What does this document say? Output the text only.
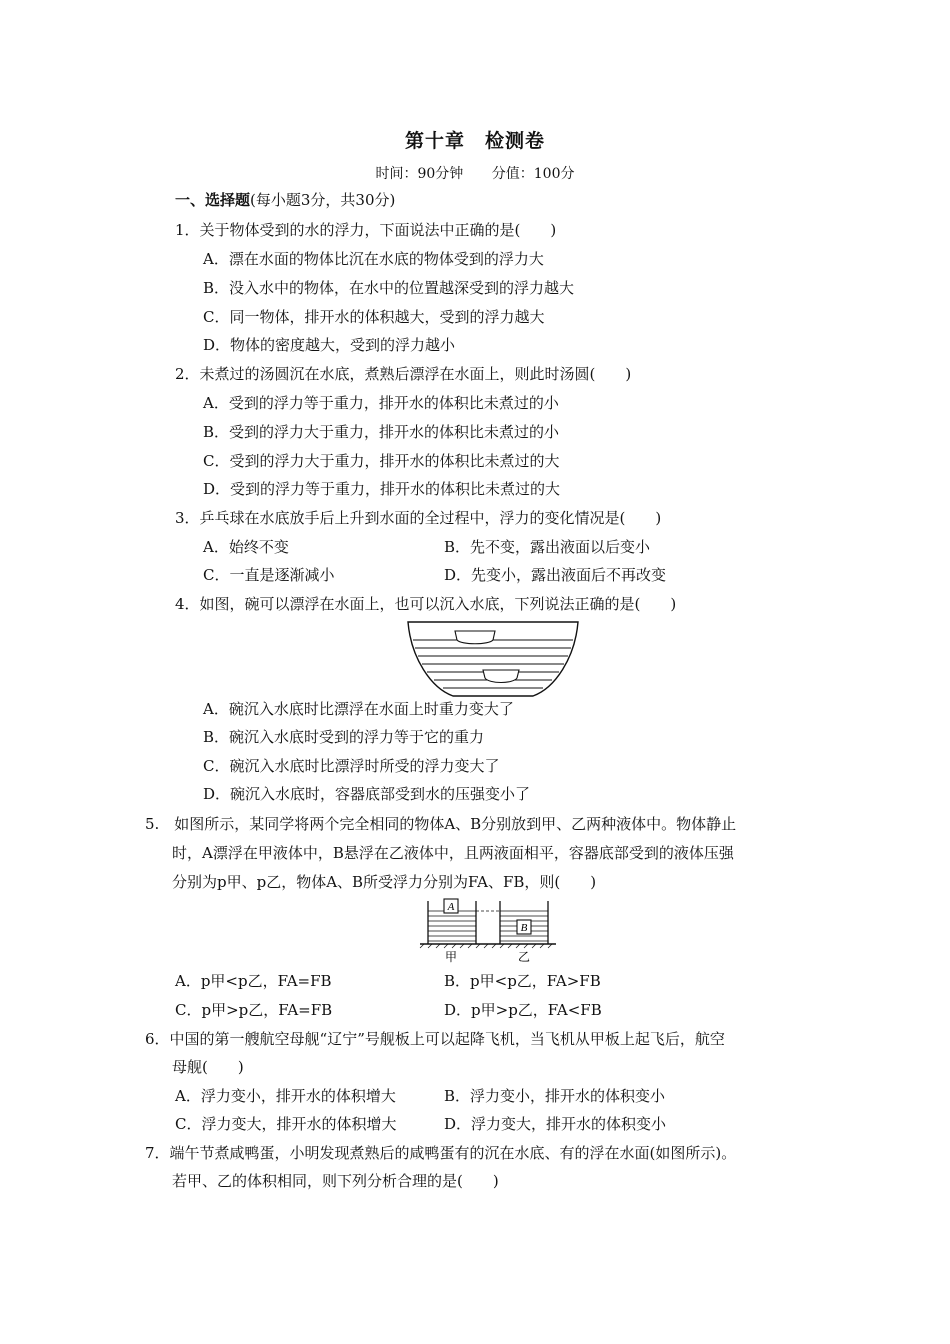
第十章　检测卷
时间：90分钟 分值：100分
一、选择题(每小题3分，共30分)
1．关于物体受到的水的浮力，下面说法中正确的是(　　)
A．漂在水面的物体比沉在水底的物体受到的浮力大
B．没入水中的物体，在水中的位置越深受到的浮力越大
C．同一物体，排开水的体积越大，受到的浮力越大
D．物体的密度越大，受到的浮力越小
2．未煮过的汤圆沉在水底，煮熟后漂浮在水面上，则此时汤圆(　　)
A．受到的浮力等于重力，排开水的体积比未煮过的小
B．受到的浮力大于重力，排开水的体积比未煮过的小
C．受到的浮力大于重力，排开水的体积比未煮过的大
D．受到的浮力等于重力，排开水的体积比未煮过的大
3．乒乓球在水底放手后上升到水面的全过程中，浮力的变化情况是(　　)
A．始终不变	B．先不变，露出液面以后变小
C．一直是逐渐减小	D．先变小，露出液面后不再改变
4．如图，碗可以漂浮在水面上，也可以沉入水底，下列说法正确的是(　　)
A．碗沉入水底时比漂浮在水面上时重力变大了
B．碗沉入水底时受到的浮力等于它的重力
C．碗沉入水底时比漂浮时所受的浮力变大了
D．碗沉入水底时，容器底部受到水的压强变小了
5.　如图所示，某同学将两个完全相同的物体A、B分别放到甲、乙两种液体中。物体静止
时，A漂浮在甲液体中，B悬浮在乙液体中，且两液面相平，容器底部受到的液体压强
分别为p甲、p乙，物体A、B所受浮力分别为FA、FB，则(　　)
A
B
甲	乙
A．p甲<p乙，FA=FB	B．p甲<p乙，FA>FB
C．p甲>p乙，FA=FB	D．p甲>p乙，FA<FB
6．中国的第一艘航空母舰“辽宁”号舰板上可以起降飞机，当飞机从甲板上起飞后，航空
母舰(　　)
A．浮力变小，排开水的体积增大	B．浮力变小，排开水的体积变小
C．浮力变大，排开水的体积增大	D．浮力变大，排开水的体积变小
7．端午节煮咸鸭蛋，小明发现煮熟后的咸鸭蛋有的沉在水底、有的浮在水面(如图所示)。
若甲、乙的体积相同，则下列分析合理的是(　　)
